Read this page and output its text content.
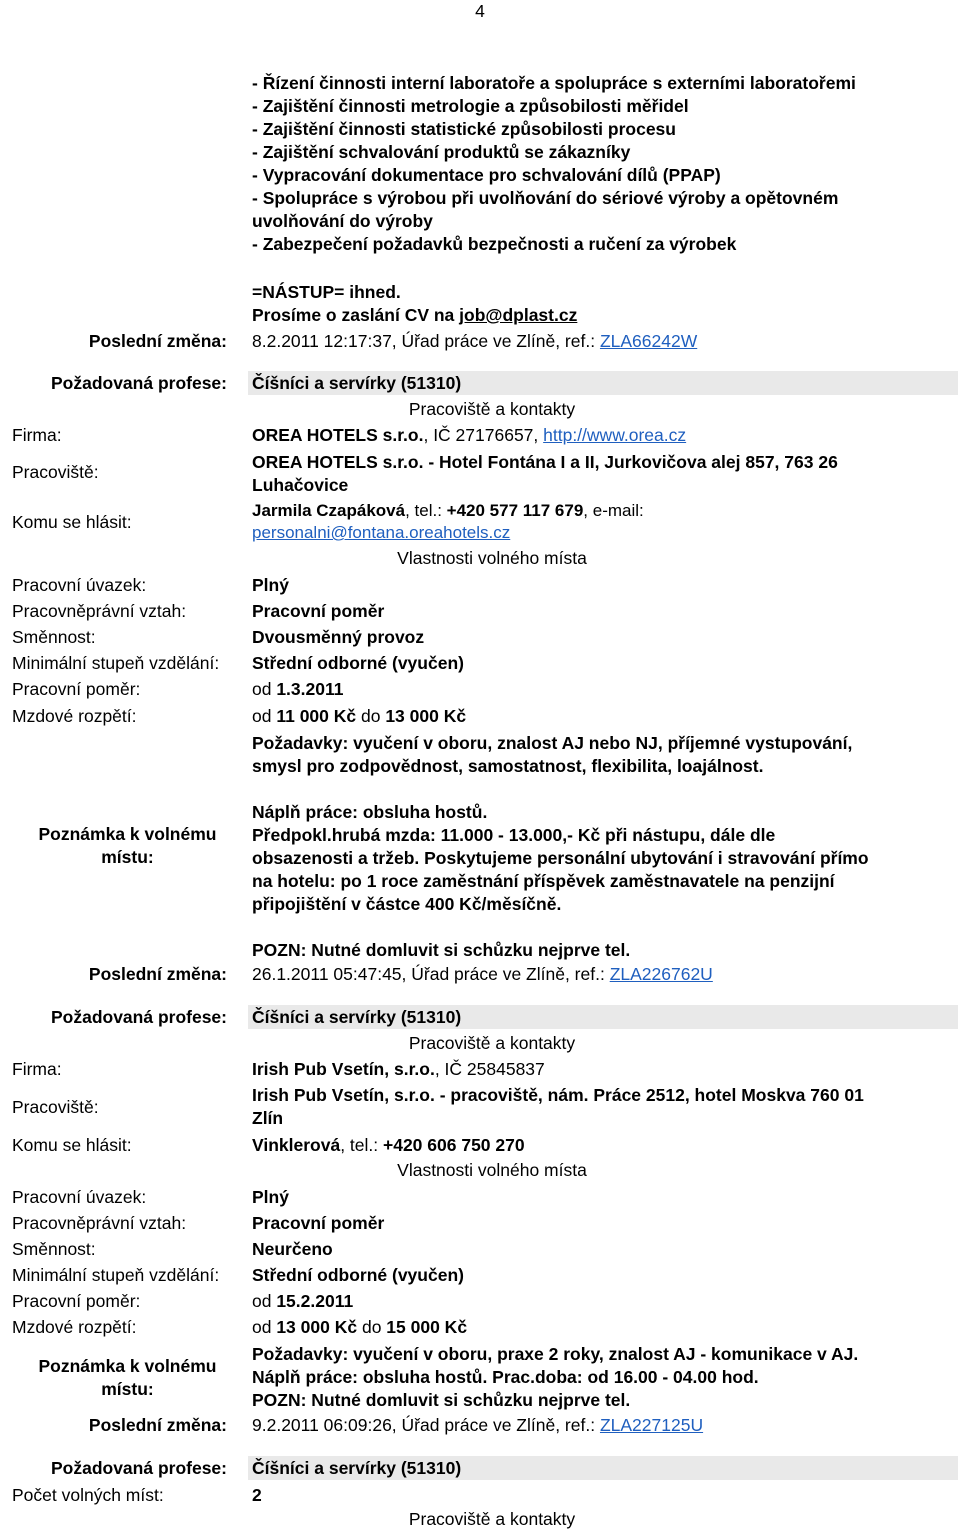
4
- Řízení činnosti interní laboratoře a spolupráce s externími laboratořemi
- Zajištění činnosti metrologie a způsobilosti měřidel
- Zajištění činnosti statistické způsobilosti procesu
- Zajištění schvalování produktů se zákazníky
- Vypracování dokumentace pro schvalování dílů (PPAP)
- Spolupráce s výrobou při uvolňování do sériové výroby a opětovném
uvolňování do výroby
- Zabezpečení požadavků bezpečnosti a ručení za výrobek
=NÁSTUP= ihned.
Prosíme o zaslání CV na job@dplast.cz
Poslední změna: 8.2.2011 12:17:37, Úřad práce ve Zlíně, ref.: ZLA66242W
Požadovaná profese: Číšníci a servírky (51310)
Pracoviště a kontakty
Firma:	OREA HOTELS s.r.o., IČ 27176657, http://www.orea.cz
Pracoviště:	OREA HOTELS s.r.o. - Hotel Fontána I a II, Jurkovičova alej 857, 763 26
Luhačovice
Komu se hlásit:
Jarmila Czapáková, tel.: +420 577 117 679, e-mail:
personalni@fontana.oreahotels.cz
Vlastnosti volného místa
Pracovní úvazek:	Plný
Pracovněprávní vztah:	Pracovní poměr
Směnnost:	Dvousměnný provoz
Minimální stupeň vzdělání: Střední odborné (vyučen)
Pracovní poměr:	od 1.3.2011
Mzdové rozpětí:	od 11 000 Kč do 13 000 Kč
Poznámka k volnému
místu:
Požadavky: vyučení v oboru, znalost AJ nebo NJ, příjemné vystupování,
smysl pro zodpovědnost, samostatnost, flexibilita, loajálnost.
Náplň práce: obsluha hostů.
Předpokl.hrubá mzda: 11.000 - 13.000,- Kč při nástupu, dále dle
obsazenosti a tržeb. Poskytujeme personální ubytování i stravování přímo
na hotelu: po 1 roce zaměstnání příspěvek zaměstnavatele na penzijní
připojištění v částce 400 Kč/měsíčně.
POZN: Nutné domluvit si schůzku nejprve tel.
Poslední změna: 26.1.2011 05:47:45, Úřad práce ve Zlíně, ref.: ZLA226762U
Požadovaná profese: Číšníci a servírky (51310)
Pracoviště a kontakty
Firma:	Irish Pub Vsetín, s.r.o., IČ 25845837
Pracoviště:
Irish Pub Vsetín, s.r.o. - pracoviště, nám. Práce 2512, hotel Moskva 760 01
Zlín
Komu se hlásit:	Vinklerová, tel.: +420 606 750 270
Vlastnosti volného místa
Pracovní úvazek:	Plný
Pracovněprávní vztah:	Pracovní poměr
Směnnost:	Neurčeno
Minimální stupeň vzdělání: Střední odborné (vyučen)
Pracovní poměr:	od 15.2.2011
Mzdové rozpětí:	od 13 000 Kč do 15 000 Kč
Poznámka k volnému
místu:
Požadavky: vyučení v oboru, praxe 2 roky, znalost AJ - komunikace v AJ.
Náplň práce: obsluha hostů. Prac.doba: od 16.00 - 04.00 hod.
POZN: Nutné domluvit si schůzku nejprve tel.
Poslední změna: 9.2.2011 06:09:26, Úřad práce ve Zlíně, ref.: ZLA227125U
Požadovaná profese: Číšníci a servírky (51310)
Počet volných míst:	2
Pracoviště a kontakty
